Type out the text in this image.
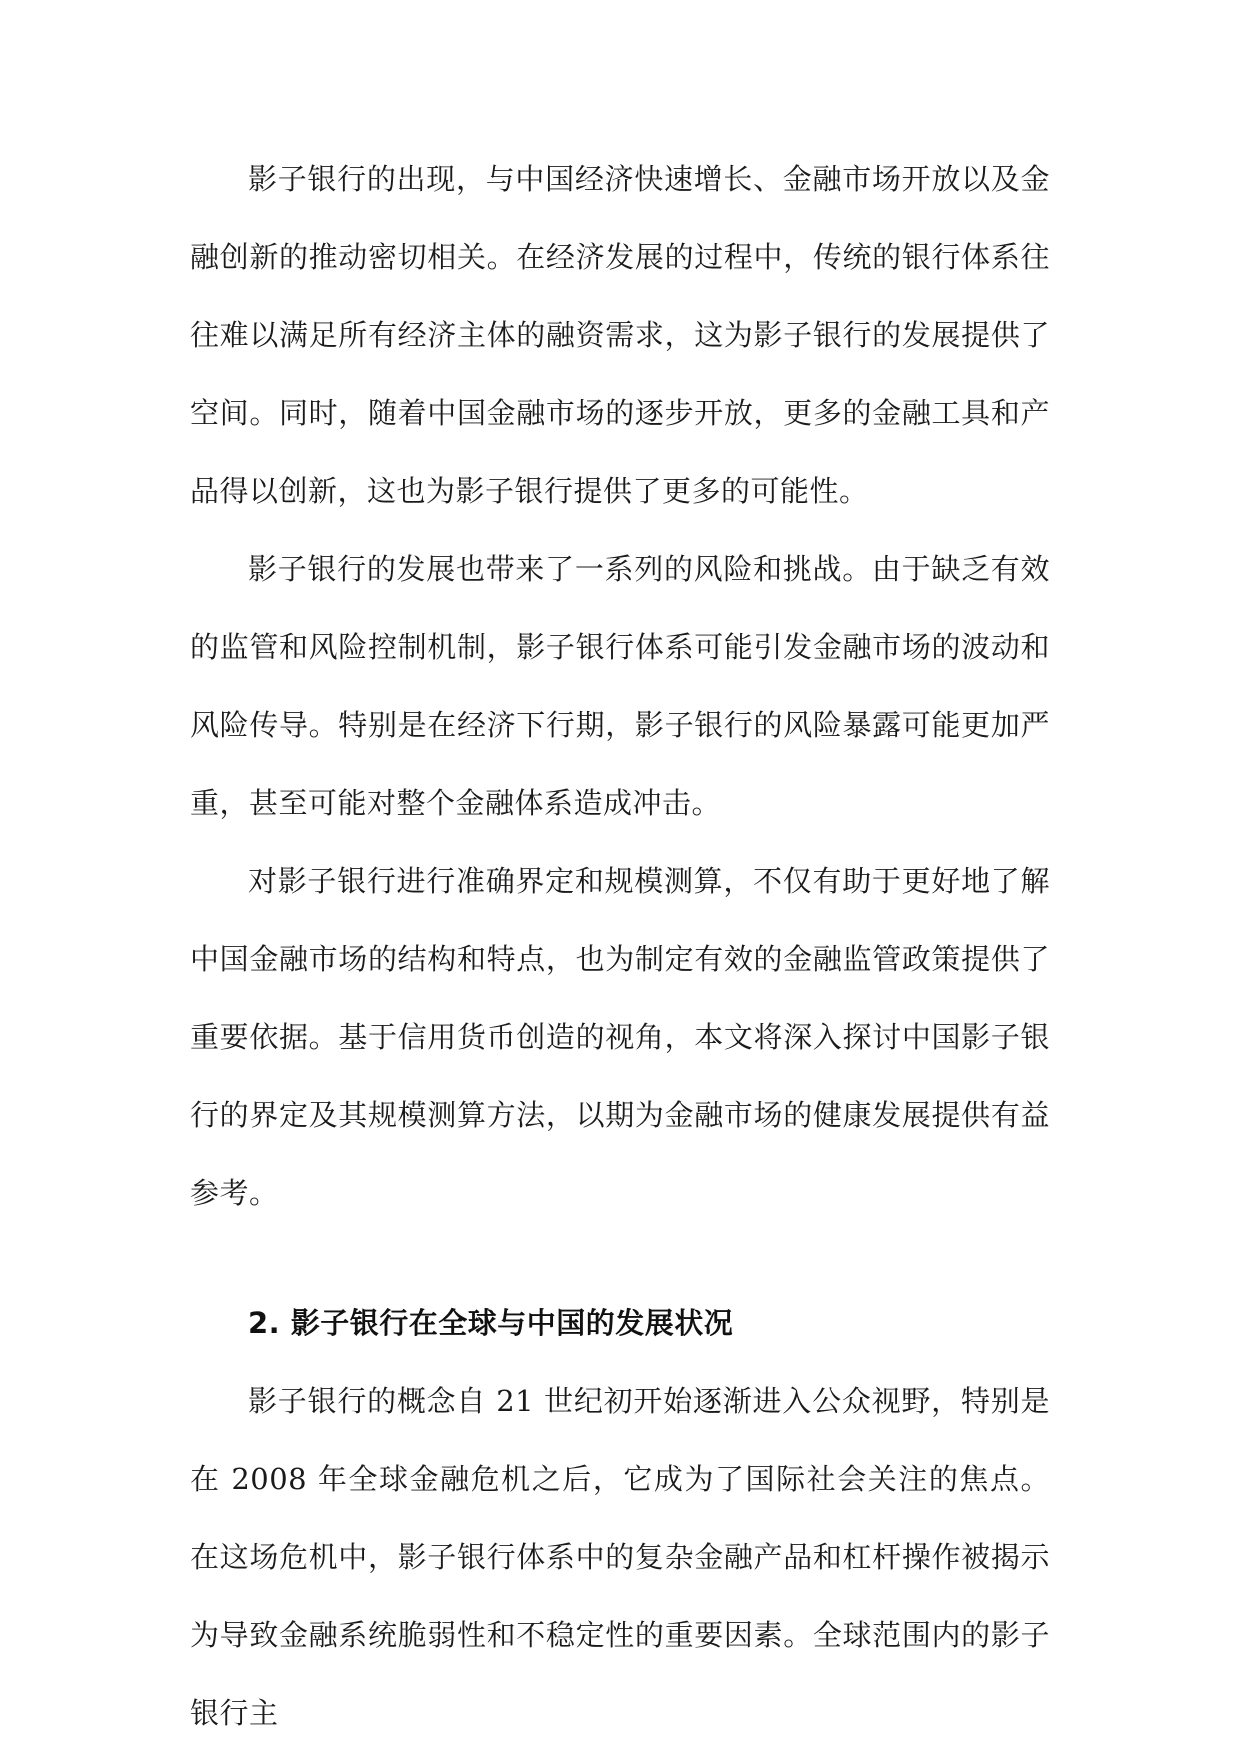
影子银行的出现，与中国经济快速增长、金融市场开放以及金融创新的推动密切相关。在经济发展的过程中，传统的银行体系往往难以满足所有经济主体的融资需求，这为影子银行的发展提供了空间。同时，随着中国金融市场的逐步开放，更多的金融工具和产品得以创新，这也为影子银行提供了更多的可能性。

影子银行的发展也带来了一系列的风险和挑战。由于缺乏有效的监管和风险控制机制，影子银行体系可能引发金融市场的波动和风险传导。特别是在经济下行期，影子银行的风险暴露可能更加严重，甚至可能对整个金融体系造成冲击。

对影子银行进行准确界定和规模测算，不仅有助于更好地了解中国金融市场的结构和特点，也为制定有效的金融监管政策提供了重要依据。基于信用货币创造的视角，本文将深入探讨中国影子银行的界定及其规模测算方法，以期为金融市场的健康发展提供有益参考。

2. 影子银行在全球与中国的发展状况

影子银行的概念自 21 世纪初开始逐渐进入公众视野，特别是在 2008 年全球金融危机之后，它成为了国际社会关注的焦点。在这场危机中，影子银行体系中的复杂金融产品和杠杆操作被揭示为导致金融系统脆弱性和不稳定性的重要因素。全球范围内的影子银行主
